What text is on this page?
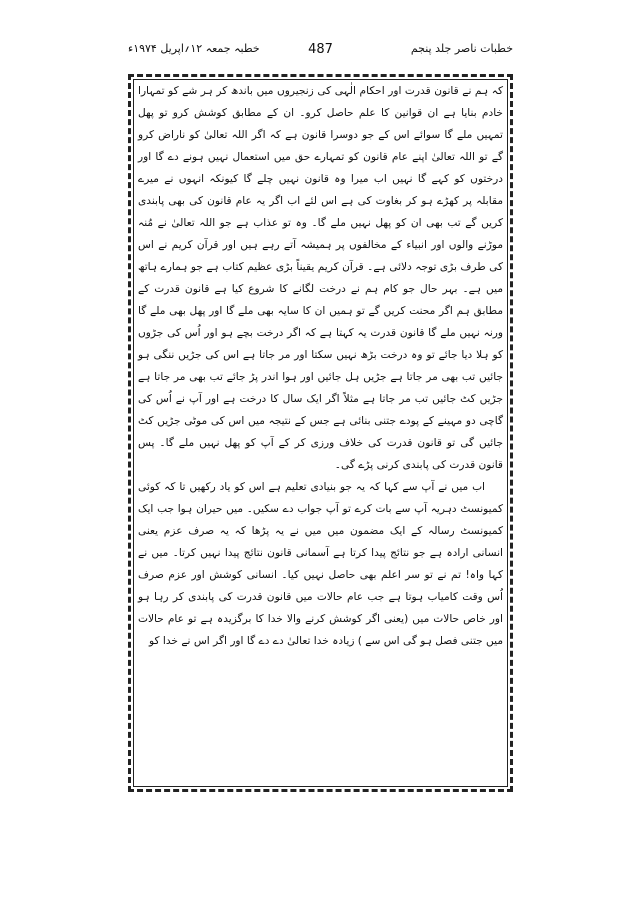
خطبہ جمعہ ۱۲؍اپریل ۱۹۷۴ء	487	خطبات ناصر جلد پنجم

کہ ہم نے قانون قدرت اور احکام الٰہی کی زنجیروں میں باندھ کر ہر شے کو تمہارا خادم بنایا ہے ان قوانین کا علم حاصل کرو۔ ان کے مطابق کوشش کرو تو پھل تمہیں ملے گا سوائے اس کے جو دوسرا قانون ہے کہ اگر اللہ تعالیٰ کو ناراض کرو گے تو اللہ تعالیٰ اپنے عام قانون کو تمہارے حق میں استعمال نہیں ہونے دے گا اور درختوں کو کہے گا نہیں اب میرا وہ قانون نہیں چلے گا کیونکہ انہوں نے میرے مقابلہ پر کھڑے ہو کر بغاوت کی ہے اس لئے اب اگر یہ عام قانون کی بھی پابندی کریں گے تب بھی ان کو پھل نہیں ملے گا۔ وہ تو عذاب ہے جو اللہ تعالیٰ نے مُنہ موڑنے والوں اور انبیاء کے مخالفوں پر ہمیشہ آتے رہے ہیں اور قرآن کریم نے اس کی طرف بڑی توجہ دلائی ہے۔ قرآن کریم یقیناً بڑی عظیم کتاب ہے جو ہمارے ہاتھ میں ہے۔ بہر حال جو کام ہم نے درخت لگانے کا شروع کیا ہے قانون قدرت کے مطابق ہم اگر محنت کریں گے تو ہمیں ان کا سایہ بھی ملے گا اور پھل بھی ملے گا ورنہ نہیں ملے گا قانون قدرت یہ کہتا ہے کہ اگر درخت بچے ہو اور اُس کی جڑوں کو ہلا دیا جائے تو وہ درخت بڑھ نہیں سکتا اور مر جاتا ہے اس کی جڑیں ننگی ہو جائیں تب بھی مر جاتا ہے جڑیں ہل جائیں اور ہوا اندر پڑ جائے تب بھی مر جاتا ہے جڑیں کٹ جائیں تب مر جاتا ہے مثلاً اگر ایک سال کا درخت ہے اور آپ نے اُس کی گاچی دو مہینے کے پودے جتنی بنائی ہے جس کے نتیجہ میں اس کی موٹی جڑیں کٹ جائیں گی تو قانون قدرت کی خلاف ورزی کر کے آپ کو پھل نہیں ملے گا۔ پس قانون قدرت کی پابندی کرنی پڑے گی۔

اب میں نے آپ سے کہا کہ یہ جو بنیادی تعلیم ہے اس کو یاد رکھیں تا کہ کوئی کمیونسٹ دہریہ آپ سے بات کرے تو آپ جواب دے سکیں۔ میں حیران ہوا جب ایک کمیونسٹ رسالہ کے ایک مضمون میں میں نے یہ پڑھا کہ یہ صرف عزم یعنی انسانی ارادہ ہے جو نتائج پیدا کرتا ہے آسمانی قانون نتائج پیدا نہیں کرتا۔ میں نے کہا واہ! تم نے تو سر اعلم بھی حاصل نہیں کیا۔ انسانی کوشش اور عزم صرف اُس وقت کامیاب ہوتا ہے جب عام حالات میں قانون قدرت کی پابندی کر رہا ہو اور خاص حالات میں (یعنی اگر کوشش کرنے والا خدا کا برگزیدہ ہے تو عام حالات میں جتنی فصل ہو گی اس سے ) زیادہ خدا تعالیٰ دے دے گا اور اگر اس نے خدا کو
